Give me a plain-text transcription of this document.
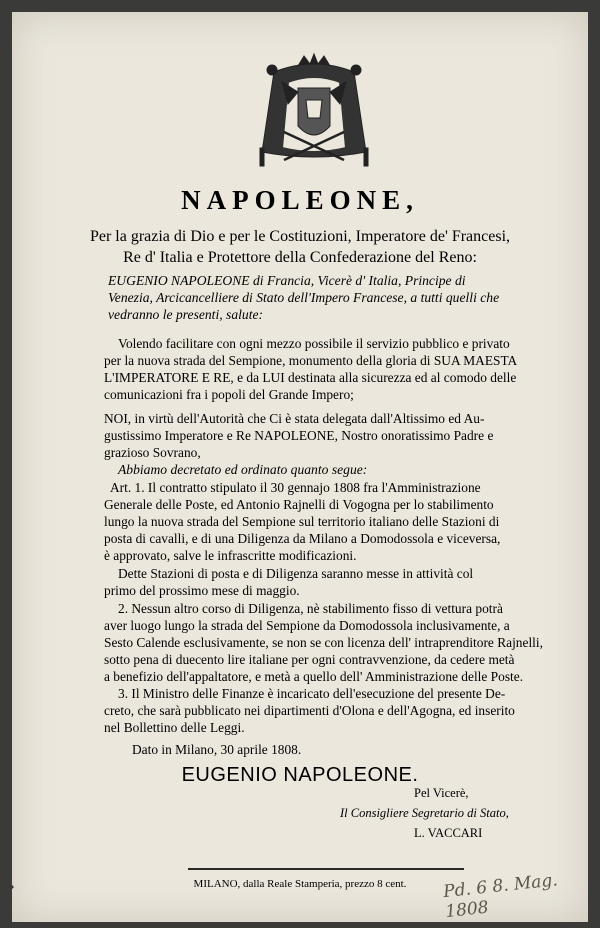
NAPOLEONE,
Per la grazia di Dio e per le Costituzioni, Imperatore de' Francesi,
Re d' Italia e Protettore della Confederazione del Reno:
EUGENIO NAPOLEONE di Francia, Vicerè d' Italia, Principe di
Venezia, Arcicancelliere di Stato dell'Impero Francese, a tutti quelli che
vedranno le presenti, salute:
Volendo facilitare con ogni mezzo possibile il servizio pubblico e privato
per la nuova strada del Sempione, monumento della gloria di SUA MAESTA
L'IMPERATORE E RE, e da LUI destinata alla sicurezza ed al comodo delle
comunicazioni fra i popoli del Grande Impero;
NOI, in virtù dell'Autorità che Ci è stata delegata dall'Altissimo ed Au-
gustissimo Imperatore e Re NAPOLEONE, Nostro onoratissimo Padre e
grazioso Sovrano,
Abbiamo decretato ed ordinato quanto segue:
Art. 1. Il contratto stipulato il 30 gennajo 1808 fra l'Amministrazione
Generale delle Poste, ed Antonio Rajnelli di Vogogna per lo stabilimento
lungo la nuova strada del Sempione sul territorio italiano delle Stazioni di
posta di cavalli, e di una Diligenza da Milano a Domodossola e viceversa,
è approvato, salve le infrascritte modificazioni.
Dette Stazioni di posta e di Diligenza saranno messe in attività col
primo del prossimo mese di maggio.
2. Nessun altro corso di Diligenza, nè stabilimento fisso di vettura potrà
aver luogo lungo la strada del Sempione da Domodossola inclusivamente, a
Sesto Calende esclusivamente, se non se con licenza dell' intraprenditore Rajnelli,
sotto pena di duecento lire italiane per ogni contravvenzione, da cedere metà
a benefizio dell'appaltatore, e metà a quello dell' Amministrazione delle Poste.
3. Il Ministro delle Finanze è incaricato dell'esecuzione del presente De-
creto, che sarà pubblicato nei dipartimenti d'Olona e dell'Agogna, ed inserito
nel Bollettino delle Leggi.
Dato in Milano, 30 aprile 1808.
EUGENIO NAPOLEONE.
Pel Vicerè,
MILANO, dalla Reale Stamperia, prezzo 8 cent.	Pd. 6 8. Mag. 1808
Il Consigliere Segretario di Stato,
L. VACCARI
